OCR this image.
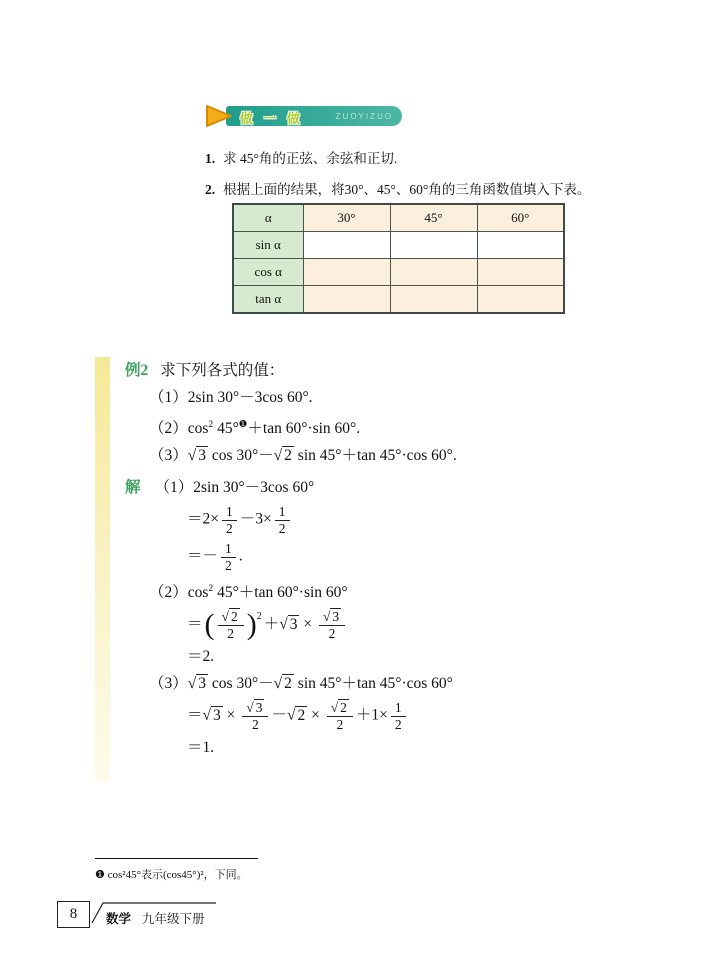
做 一 做	ZUOYIZUO
1. 求 45°角的正弦、余弦和正切.
2. 根据上面的结果，将30°、45°、60°角的三角函数值填入下表。
α	30°	45°	60°
sin α			
cos α			
tan α			
例2 求下列各式的值：
（1）2sin 30°－3cos 60°.
$(2)\cos^2$ 45°$^❶$＋tan 60°·sin 60°.
（3）√ 3 cos 30°－√ 2 sin 45°＋tan 45°·cos 60°.
解 （1）2sin 30°－3cos 60°
$=2\times \frac{1}{2} -3\times \frac{1}{2}$
＝－ $\frac{1}{2}$ .
$(2)\cos^2$ 45°＋tan 60°·sin 60°
＝ ( $\frac{√ 2}{2}$ ) 2 ＋√ $3 \times \frac{√ 3}{2}$
＝2.
（3）√ 3 cos 30°－√ 2 sin 45°＋tan 45°·cos 60°
＝√ $3 \times \frac{√ 3}{2}$ －√ $2 \times \frac{√ 2}{2} +1\times \frac{1}{2}$
＝1.
❶ cos²45°表示(cos45°)²，下同。
8	数学 九年级下册
